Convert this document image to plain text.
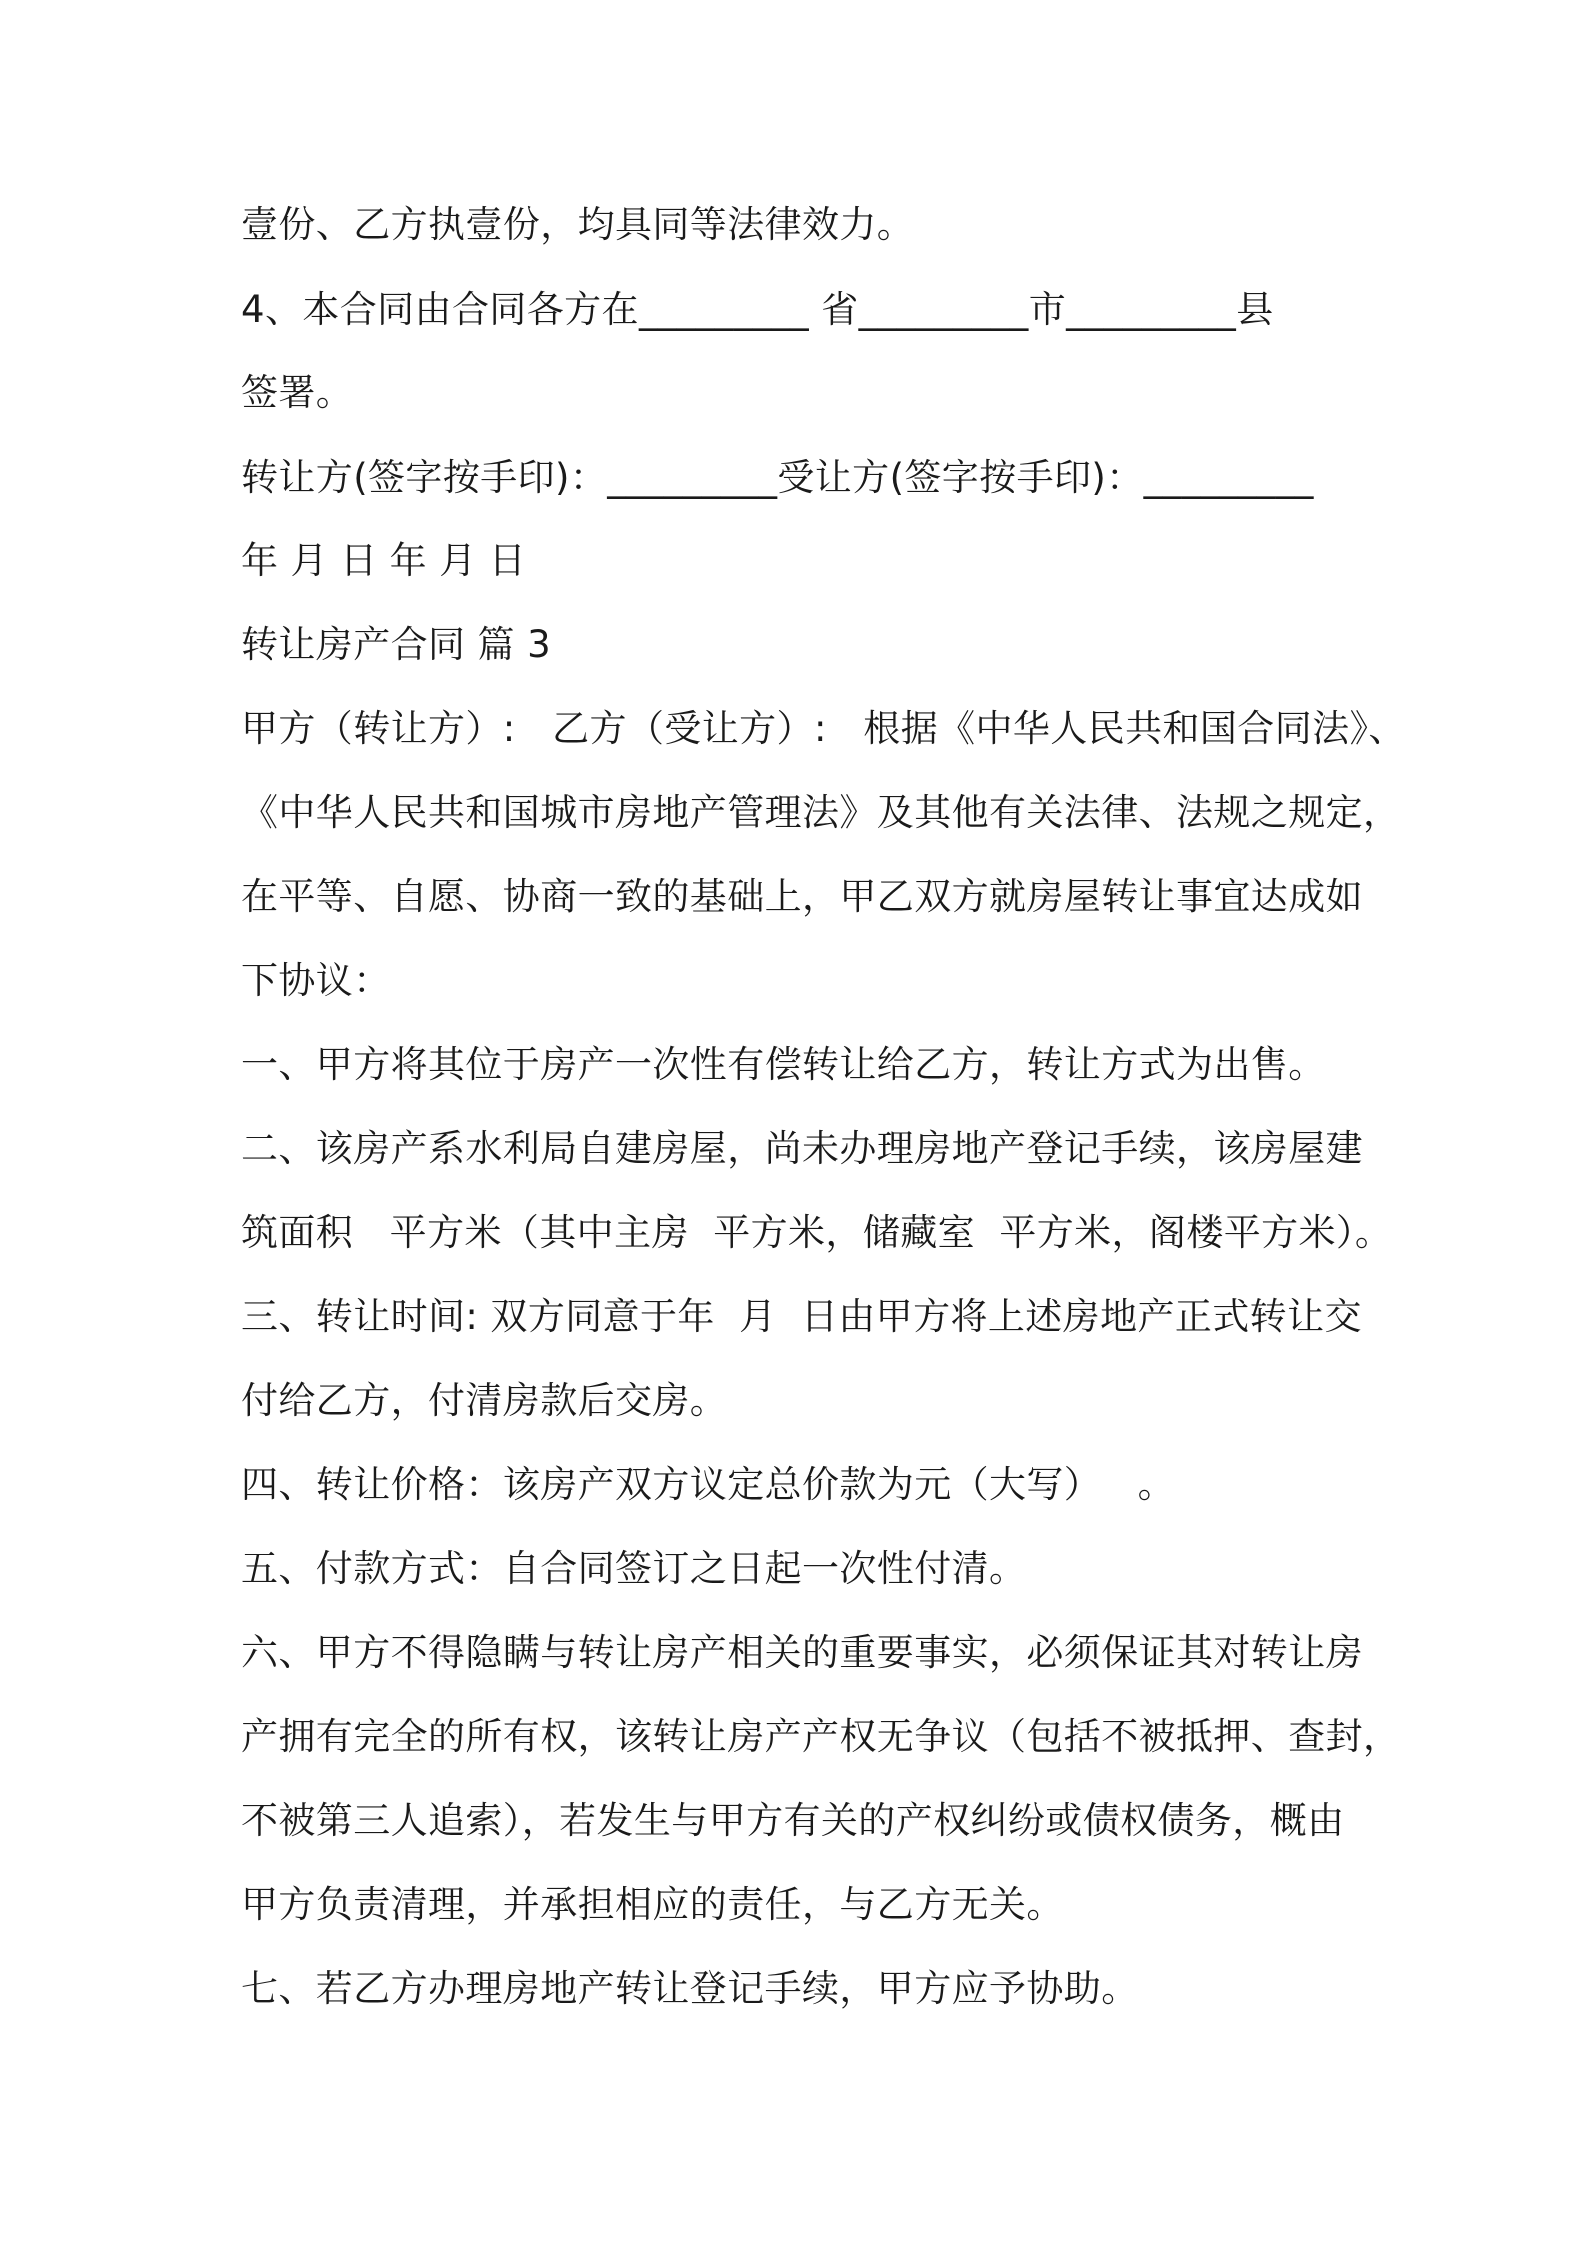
壹份、乙方执壹份，均具同等法律效力。
4、本合同由合同各方在_________ 省_________市_________县
签署。
转让方(签字按手印)：_________受让方(签字按手印)：_________
年 月 日 年 月 日
转让房产合同 篇 3
甲方（转让方）:   乙方（受让方）:   根据《中华人民共和国合同法》、
《中华人民共和国城市房地产管理法》及其他有关法律、法规之规定，
在平等、自愿、协商一致的基础上，甲乙双方就房屋转让事宜达成如
下协议：
一、甲方将其位于房产一次性有偿转让给乙方，转让方式为出售。
二、该房产系水利局自建房屋，尚未办理房地产登记手续，该房屋建
筑面积   平方米（其中主房  平方米，储藏室  平方米，阁楼平方米）。
三、转让时间: 双方同意于年  月  日由甲方将上述房地产正式转让交
付给乙方，付清房款后交房。
四、转让价格：该房产双方议定总价款为元（大写）   。
五、付款方式：自合同签订之日起一次性付清。
六、甲方不得隐瞒与转让房产相关的重要事实，必须保证其对转让房
产拥有完全的所有权，该转让房产产权无争议（包括不被抵押、查封，
不被第三人追索），若发生与甲方有关的产权纠纷或债权债务，概由
甲方负责清理，并承担相应的责任，与乙方无关。
七、若乙方办理房地产转让登记手续，甲方应予协助。
